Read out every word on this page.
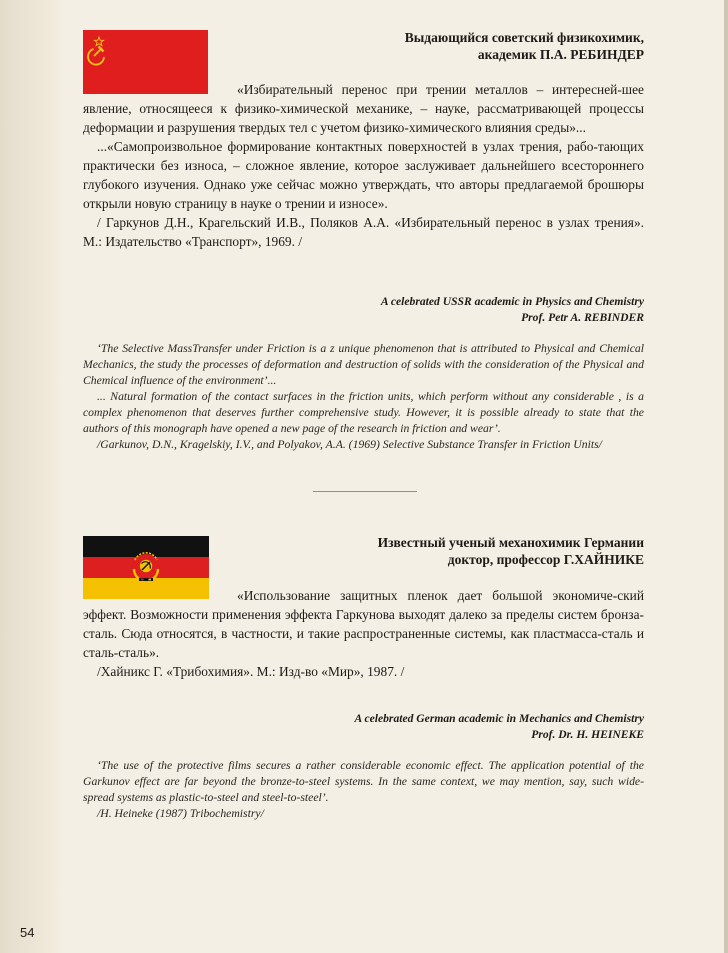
Выдающийся советский физикохимик,
академик П.А. РЕБИНДЕР

«Избирательный перенос при трении металлов – интересней-шее явление, относящееся к физико-химической механике, – науке, рассматривающей процессы деформации и разрушения твердых тел с учетом физико-химического влияния среды»...

...«Самопроизвольное формирование контактных поверхностей в узлах трения, рабо-тающих практически без износа, – сложное явление, которое заслуживает дальнейшего всестороннего глубокого изучения. Однако уже сейчас можно утверждать, что авторы предлагаемой брошюры открыли новую страницу в науке о трении и износе».

/ Гаркунов Д.Н., Крагельский И.В., Поляков А.А. «Избирательный перенос в узлах трения». М.: Издательство «Транспорт», 1969. /

A celebrated USSR academic in Physics and Chemistry
Prof. Petr A. REBINDER

‘The Selective MassTransfer under Friction is a z unique phenomenon that is attributed to Physical and Chemical Mechanics, the study the processes of deformation and destruction of solids with the consideration of the Physical and Chemical influence of the environment’...

... Natural formation of the contact surfaces in the friction units, which perform without any considerable , is a complex phenomenon that deserves further comprehensive study. However, it is possible already to state that the authors of this monograph have opened a new page of the research in friction and wear’.

/Garkunov, D.N., Kragelskiy, I.V., and Polyakov, A.A. (1969) Selective Substance Transfer in Friction Units/

Известный ученый механохимик Германии
доктор, профессор Г.ХАЙНИКЕ

«Использование защитных пленок дает большой экономиче-ский эффект. Возможности применения эффекта Гаркунова выходят далеко за пределы систем бронза-сталь. Сюда относятся, в частности, и такие распространенные системы, как пластмасса-сталь и сталь-сталь».

/Хайникс Г. «Трибохимия». М.: Изд-во «Мир», 1987. /

A celebrated German academic in Mechanics and Chemistry
Prof. Dr. H. HEINEKE

‘The use of the protective films secures a rather considerable economic effect. The application potential of the Garkunov effect are far beyond the bronze-to-steel systems. In the same context, we may mention, say, such wide-spread systems as plastic-to-steel and steel-to-steel’.

/H. Heineke (1987) Tribochemistry/

54
